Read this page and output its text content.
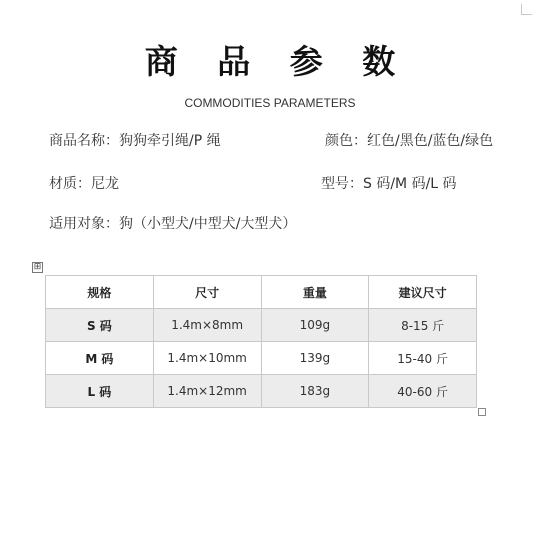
商 品 参 数
COMMODITIES PARAMETERS
商品名称：狗狗牵引绳/P 绳	颜色：红色/黑色/蓝色/绿色
材质：尼龙	型号：S 码/M 码/L 码
适用对象：狗（小型犬/中型犬/大型犬）
⊞
规格	尺寸	重量	建议尺寸
S 码	1.4m×8mm	109g	8-15 斤
M 码	1.4m×10mm	139g	15-40 斤
L 码	1.4m×12mm	183g	40-60 斤
